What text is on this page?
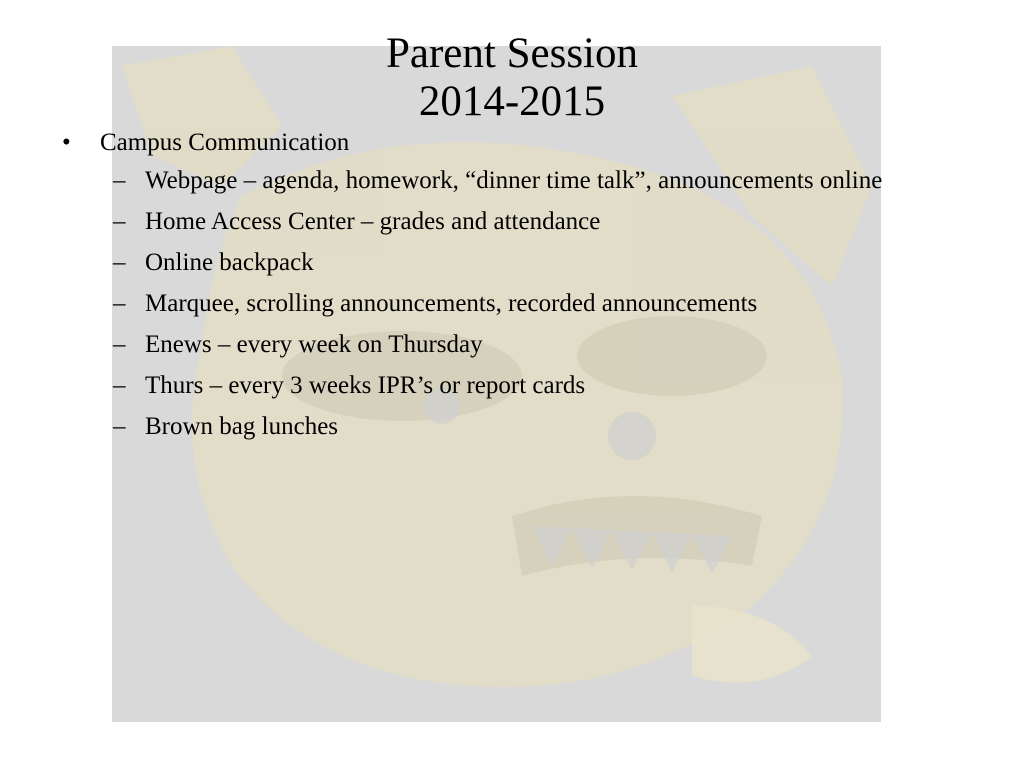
Parent Session
2014-2015

• Campus Communication

– Webpage – agenda, homework, “dinner time talk”, announcements online
– Home Access Center – grades and attendance
– Online backpack
– Marquee, scrolling announcements, recorded announcements
– Enews – every week on Thursday
– Thurs – every 3 weeks IPR’s or report cards
– Brown bag lunches
